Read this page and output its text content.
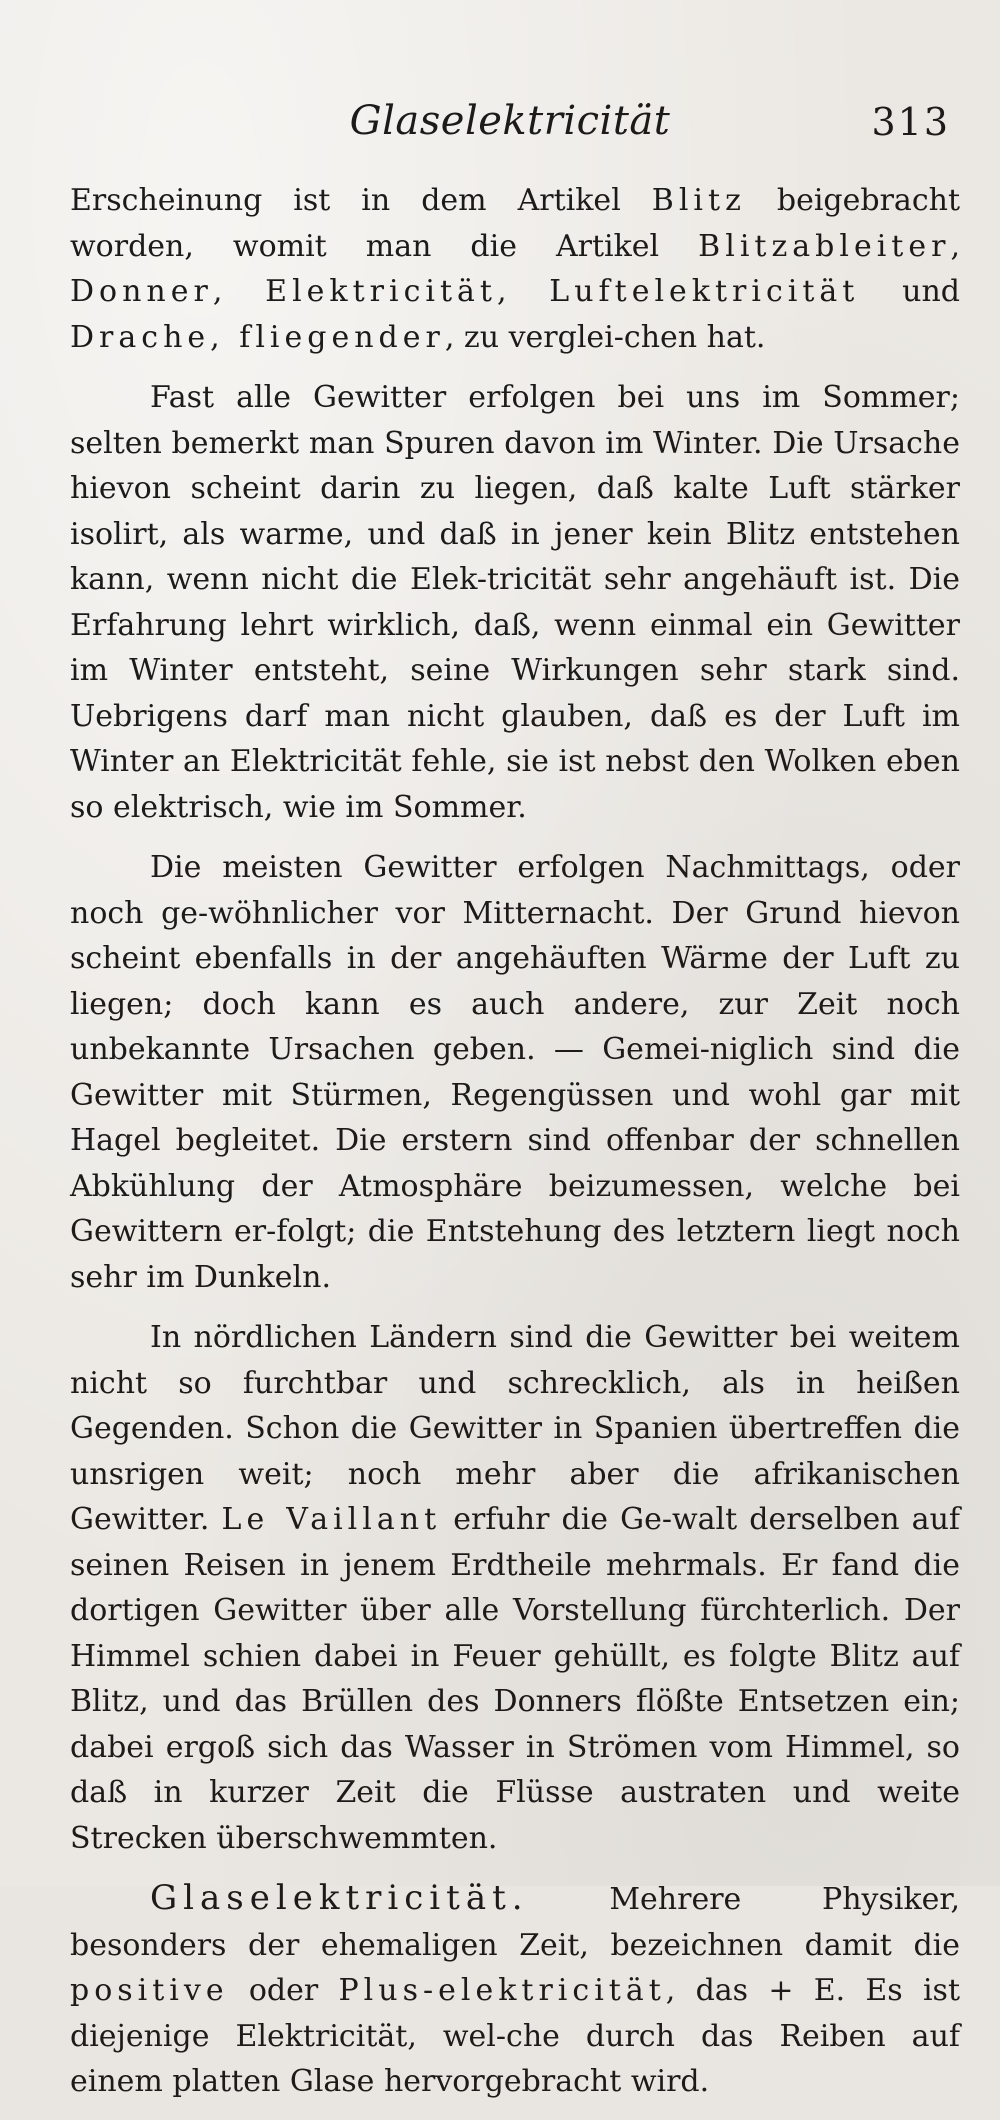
Glaselektricität	313

Erscheinung ist in dem Artikel Blitz beigebracht worden, womit man die Artikel Blitzableiter, Donner, Elektricität, Luftelektricität und Drache, fliegender, zu verglei-chen hat.

Fast alle Gewitter erfolgen bei uns im Sommer; selten bemerkt man Spuren davon im Winter. Die Ursache hievon scheint darin zu liegen, daß kalte Luft stärker isolirt, als warme, und daß in jener kein Blitz entstehen kann, wenn nicht die Elek-tricität sehr angehäuft ist. Die Erfahrung lehrt wirklich, daß, wenn einmal ein Gewitter im Winter entsteht, seine Wirkungen sehr stark sind. Uebrigens darf man nicht glauben, daß es der Luft im Winter an Elektricität fehle, sie ist nebst den Wolken eben so elektrisch, wie im Sommer.

Die meisten Gewitter erfolgen Nachmittags, oder noch ge-wöhnlicher vor Mitternacht. Der Grund hievon scheint ebenfalls in der angehäuften Wärme der Luft zu liegen; doch kann es auch andere, zur Zeit noch unbekannte Ursachen geben. — Gemei-niglich sind die Gewitter mit Stürmen, Regengüssen und wohl gar mit Hagel begleitet. Die erstern sind offenbar der schnellen Abkühlung der Atmosphäre beizumessen, welche bei Gewittern er-folgt; die Entstehung des letztern liegt noch sehr im Dunkeln.

In nördlichen Ländern sind die Gewitter bei weitem nicht so furchtbar und schrecklich, als in heißen Gegenden. Schon die Gewitter in Spanien übertreffen die unsrigen weit; noch mehr aber die afrikanischen Gewitter. Le Vaillant erfuhr die Ge-walt derselben auf seinen Reisen in jenem Erdtheile mehrmals. Er fand die dortigen Gewitter über alle Vorstellung fürchterlich. Der Himmel schien dabei in Feuer gehüllt, es folgte Blitz auf Blitz, und das Brüllen des Donners flößte Entsetzen ein; dabei ergoß sich das Wasser in Strömen vom Himmel, so daß in kurzer Zeit die Flüsse austraten und weite Strecken überschwemmten.

Glaselektricität. Mehrere Physiker, besonders der ehemaligen Zeit, bezeichnen damit die positive oder Plus-elektricität, das + E. Es ist diejenige Elektricität, wel-che durch das Reiben auf einem platten Glase hervorgebracht wird.
